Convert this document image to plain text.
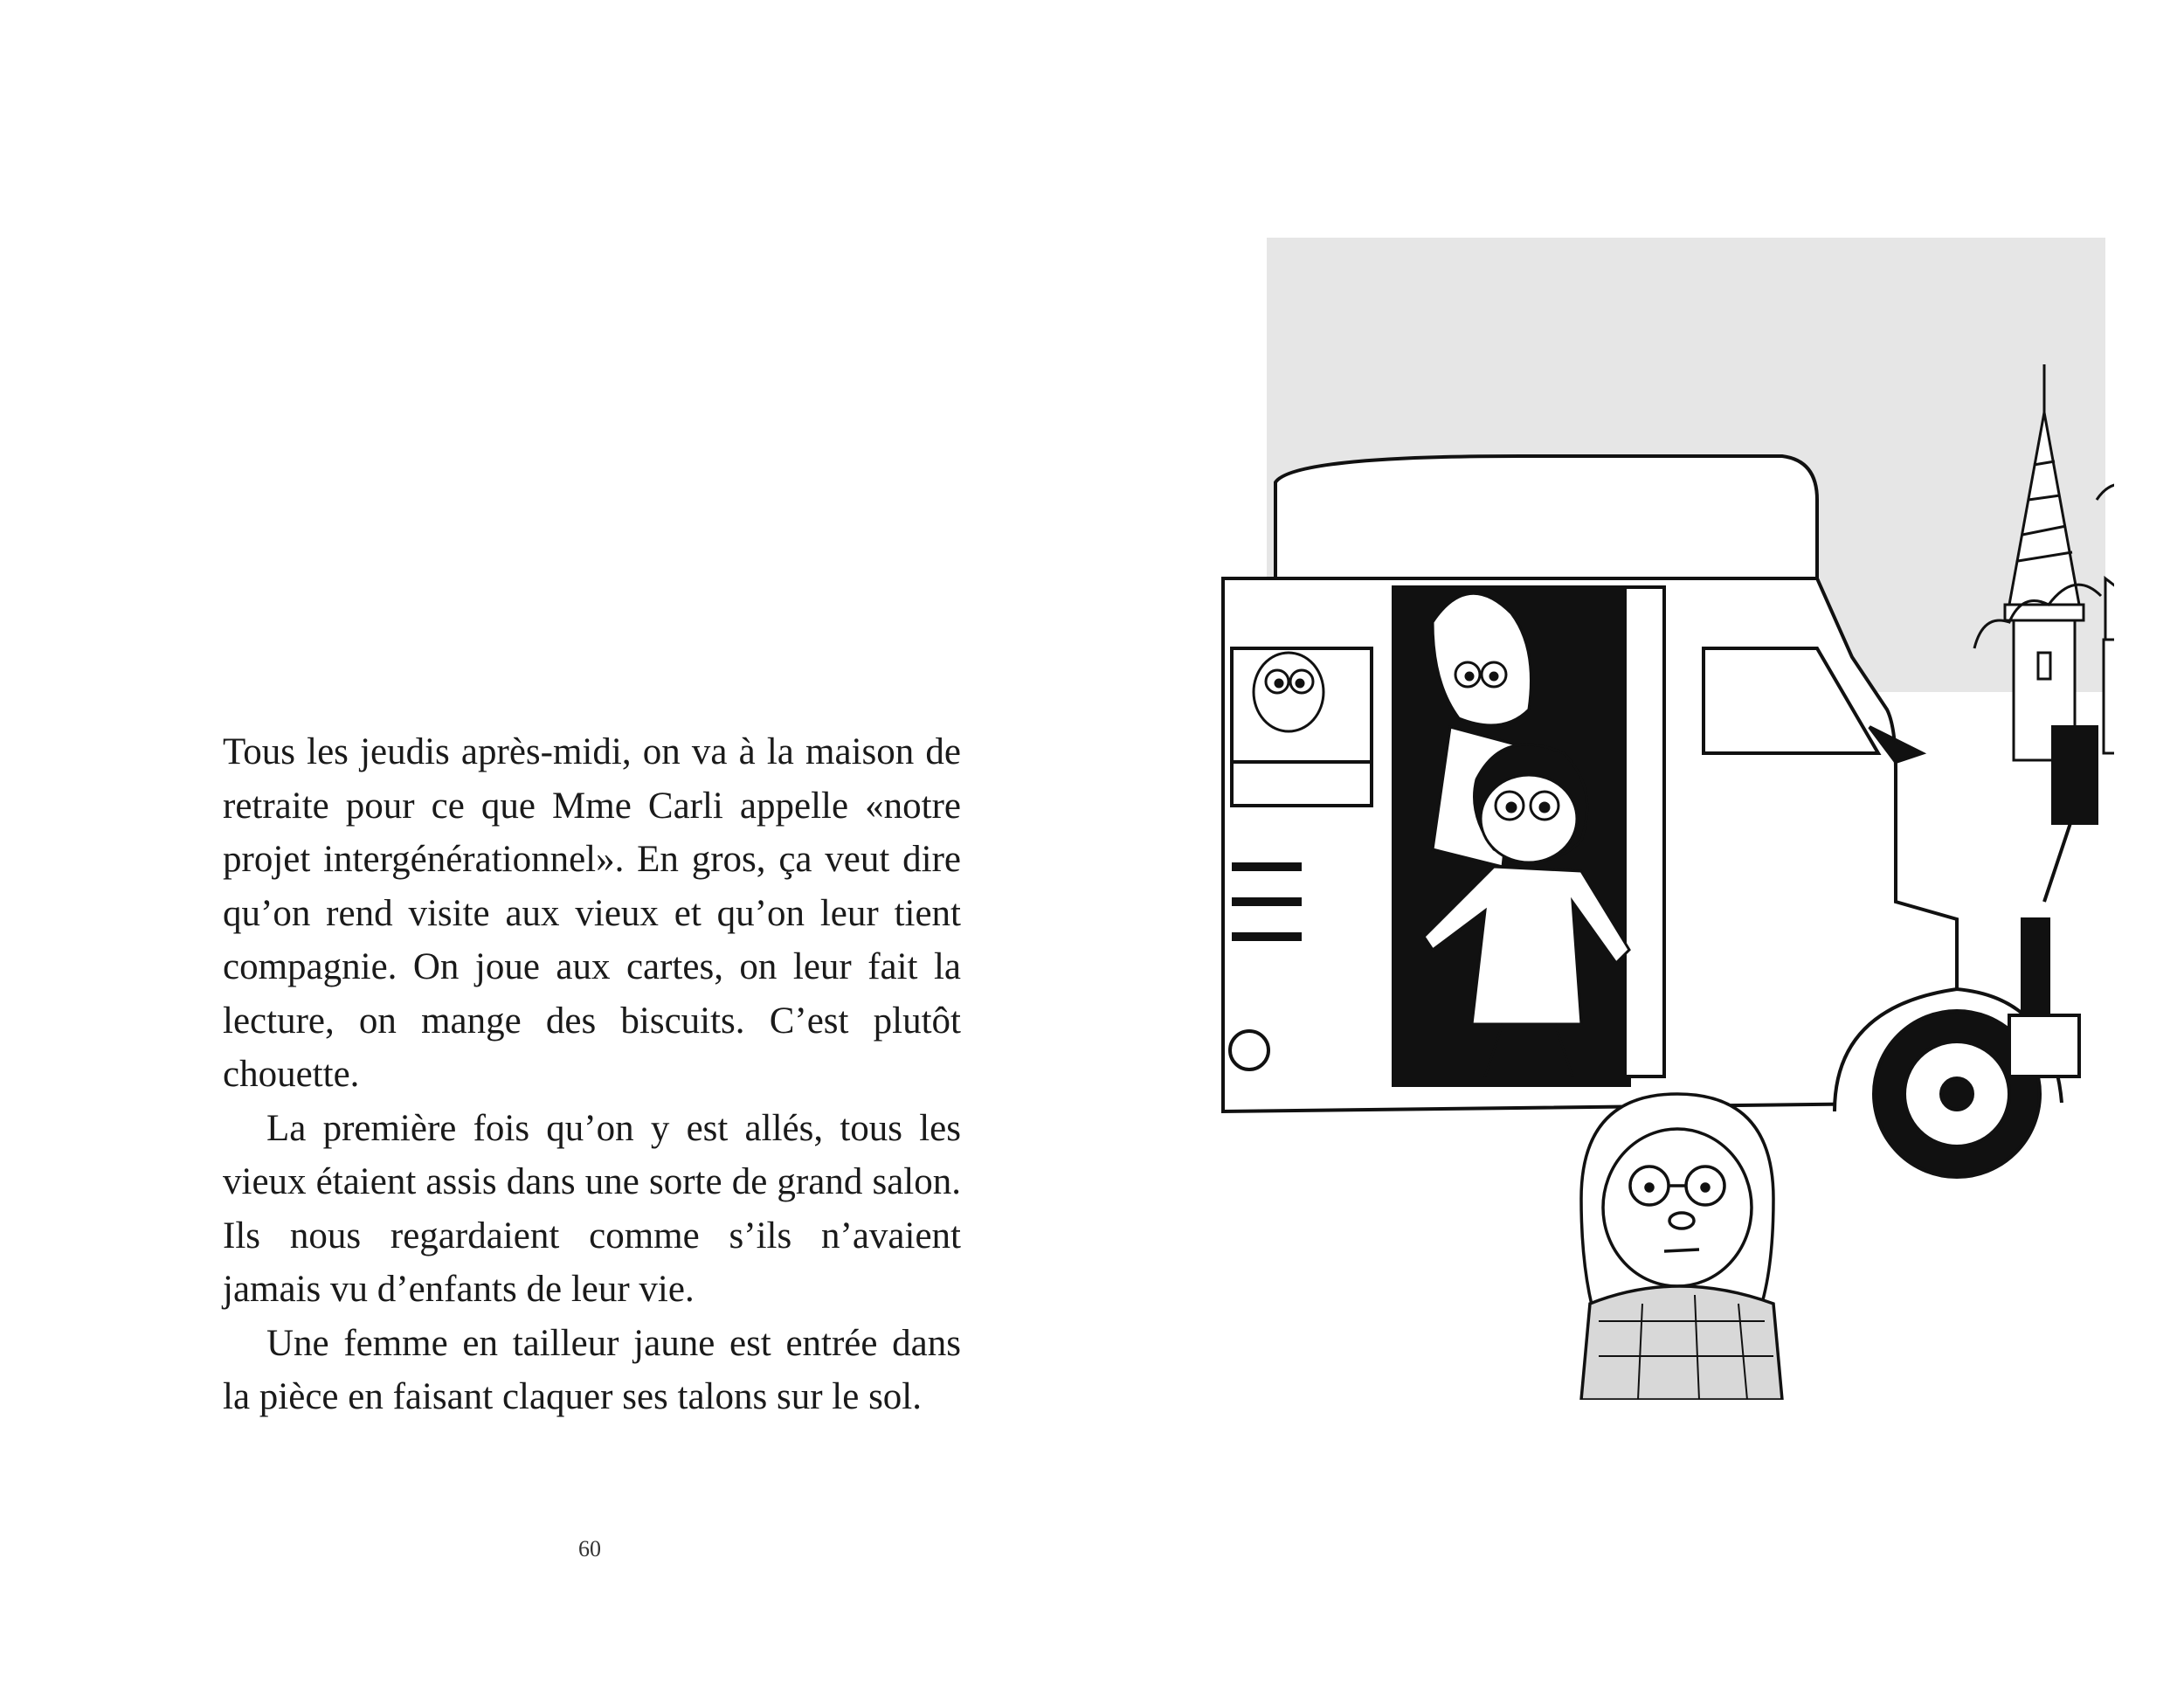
Tous les jeudis après-midi, on va à la maison de retraite pour ce que Mme Carli appelle «notre projet intergénérationnel». En gros, ça veut dire qu’on rend visite aux vieux et qu’on leur tient compagnie. On joue aux cartes, on leur fait la lecture, on mange des biscuits. C’est plutôt chouette.

La première fois qu’on y est allés, tous les vieux étaient assis dans une sorte de grand salon. Ils nous regardaient comme s’ils n’avaient jamais vu d’enfants de leur vie.

Une femme en tailleur jaune est entrée dans la pièce en faisant claquer ses talons sur le sol.

60
